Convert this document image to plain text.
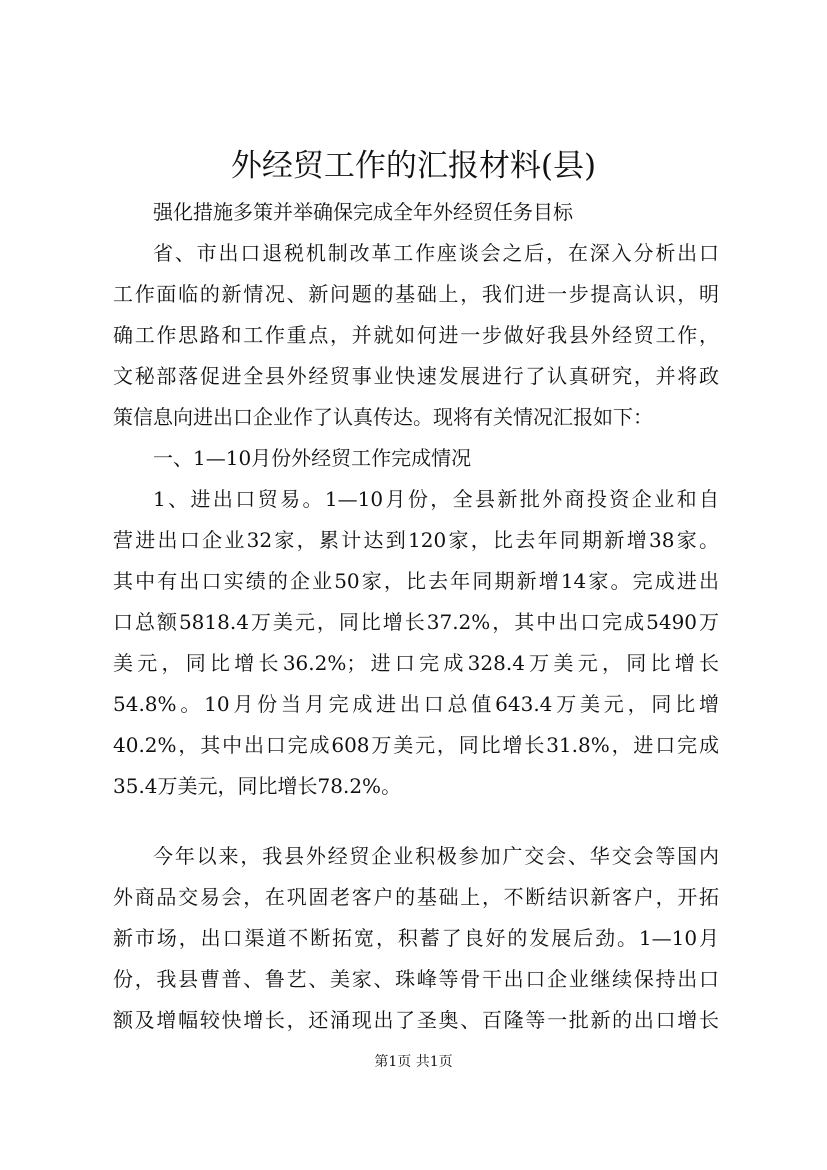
外经贸工作的汇报材料(县)
强化措施多策并举确保完成全年外经贸任务目标
省、市出口退税机制改革工作座谈会之后，在深入分析出口
工作面临的新情况、新问题的基础上，我们进一步提高认识，明
确工作思路和工作重点，并就如何进一步做好我县外经贸工作，
文秘部落促进全县外经贸事业快速发展进行了认真研究，并将政
策信息向进出口企业作了认真传达。现将有关情况汇报如下：
一、1—10月份外经贸工作完成情况
1、进出口贸易。1—10月份，全县新批外商投资企业和自
营进出口企业32家，累计达到120家，比去年同期新增38家。
其中有出口实绩的企业50家，比去年同期新增14家。完成进出
口总额5818.4万美元，同比增长37.2%，其中出口完成5490万
美元，同比增长36.2%；进口完成328.4万美元，同比增长
54.8%。10月份当月完成进出口总值643.4万美元，同比增
40.2%，其中出口完成608万美元，同比增长31.8%，进口完成
35.4万美元，同比增长78.2%。
今年以来，我县外经贸企业积极参加广交会、华交会等国内
外商品交易会，在巩固老客户的基础上，不断结识新客户，开拓
新市场，出口渠道不断拓宽，积蓄了良好的发展后劲。1—10月
份，我县曹普、鲁艺、美家、珠峰等骨干出口企业继续保持出口
额及增幅较快增长，还涌现出了圣奥、百隆等一批新的出口增长
第1页 共1页
